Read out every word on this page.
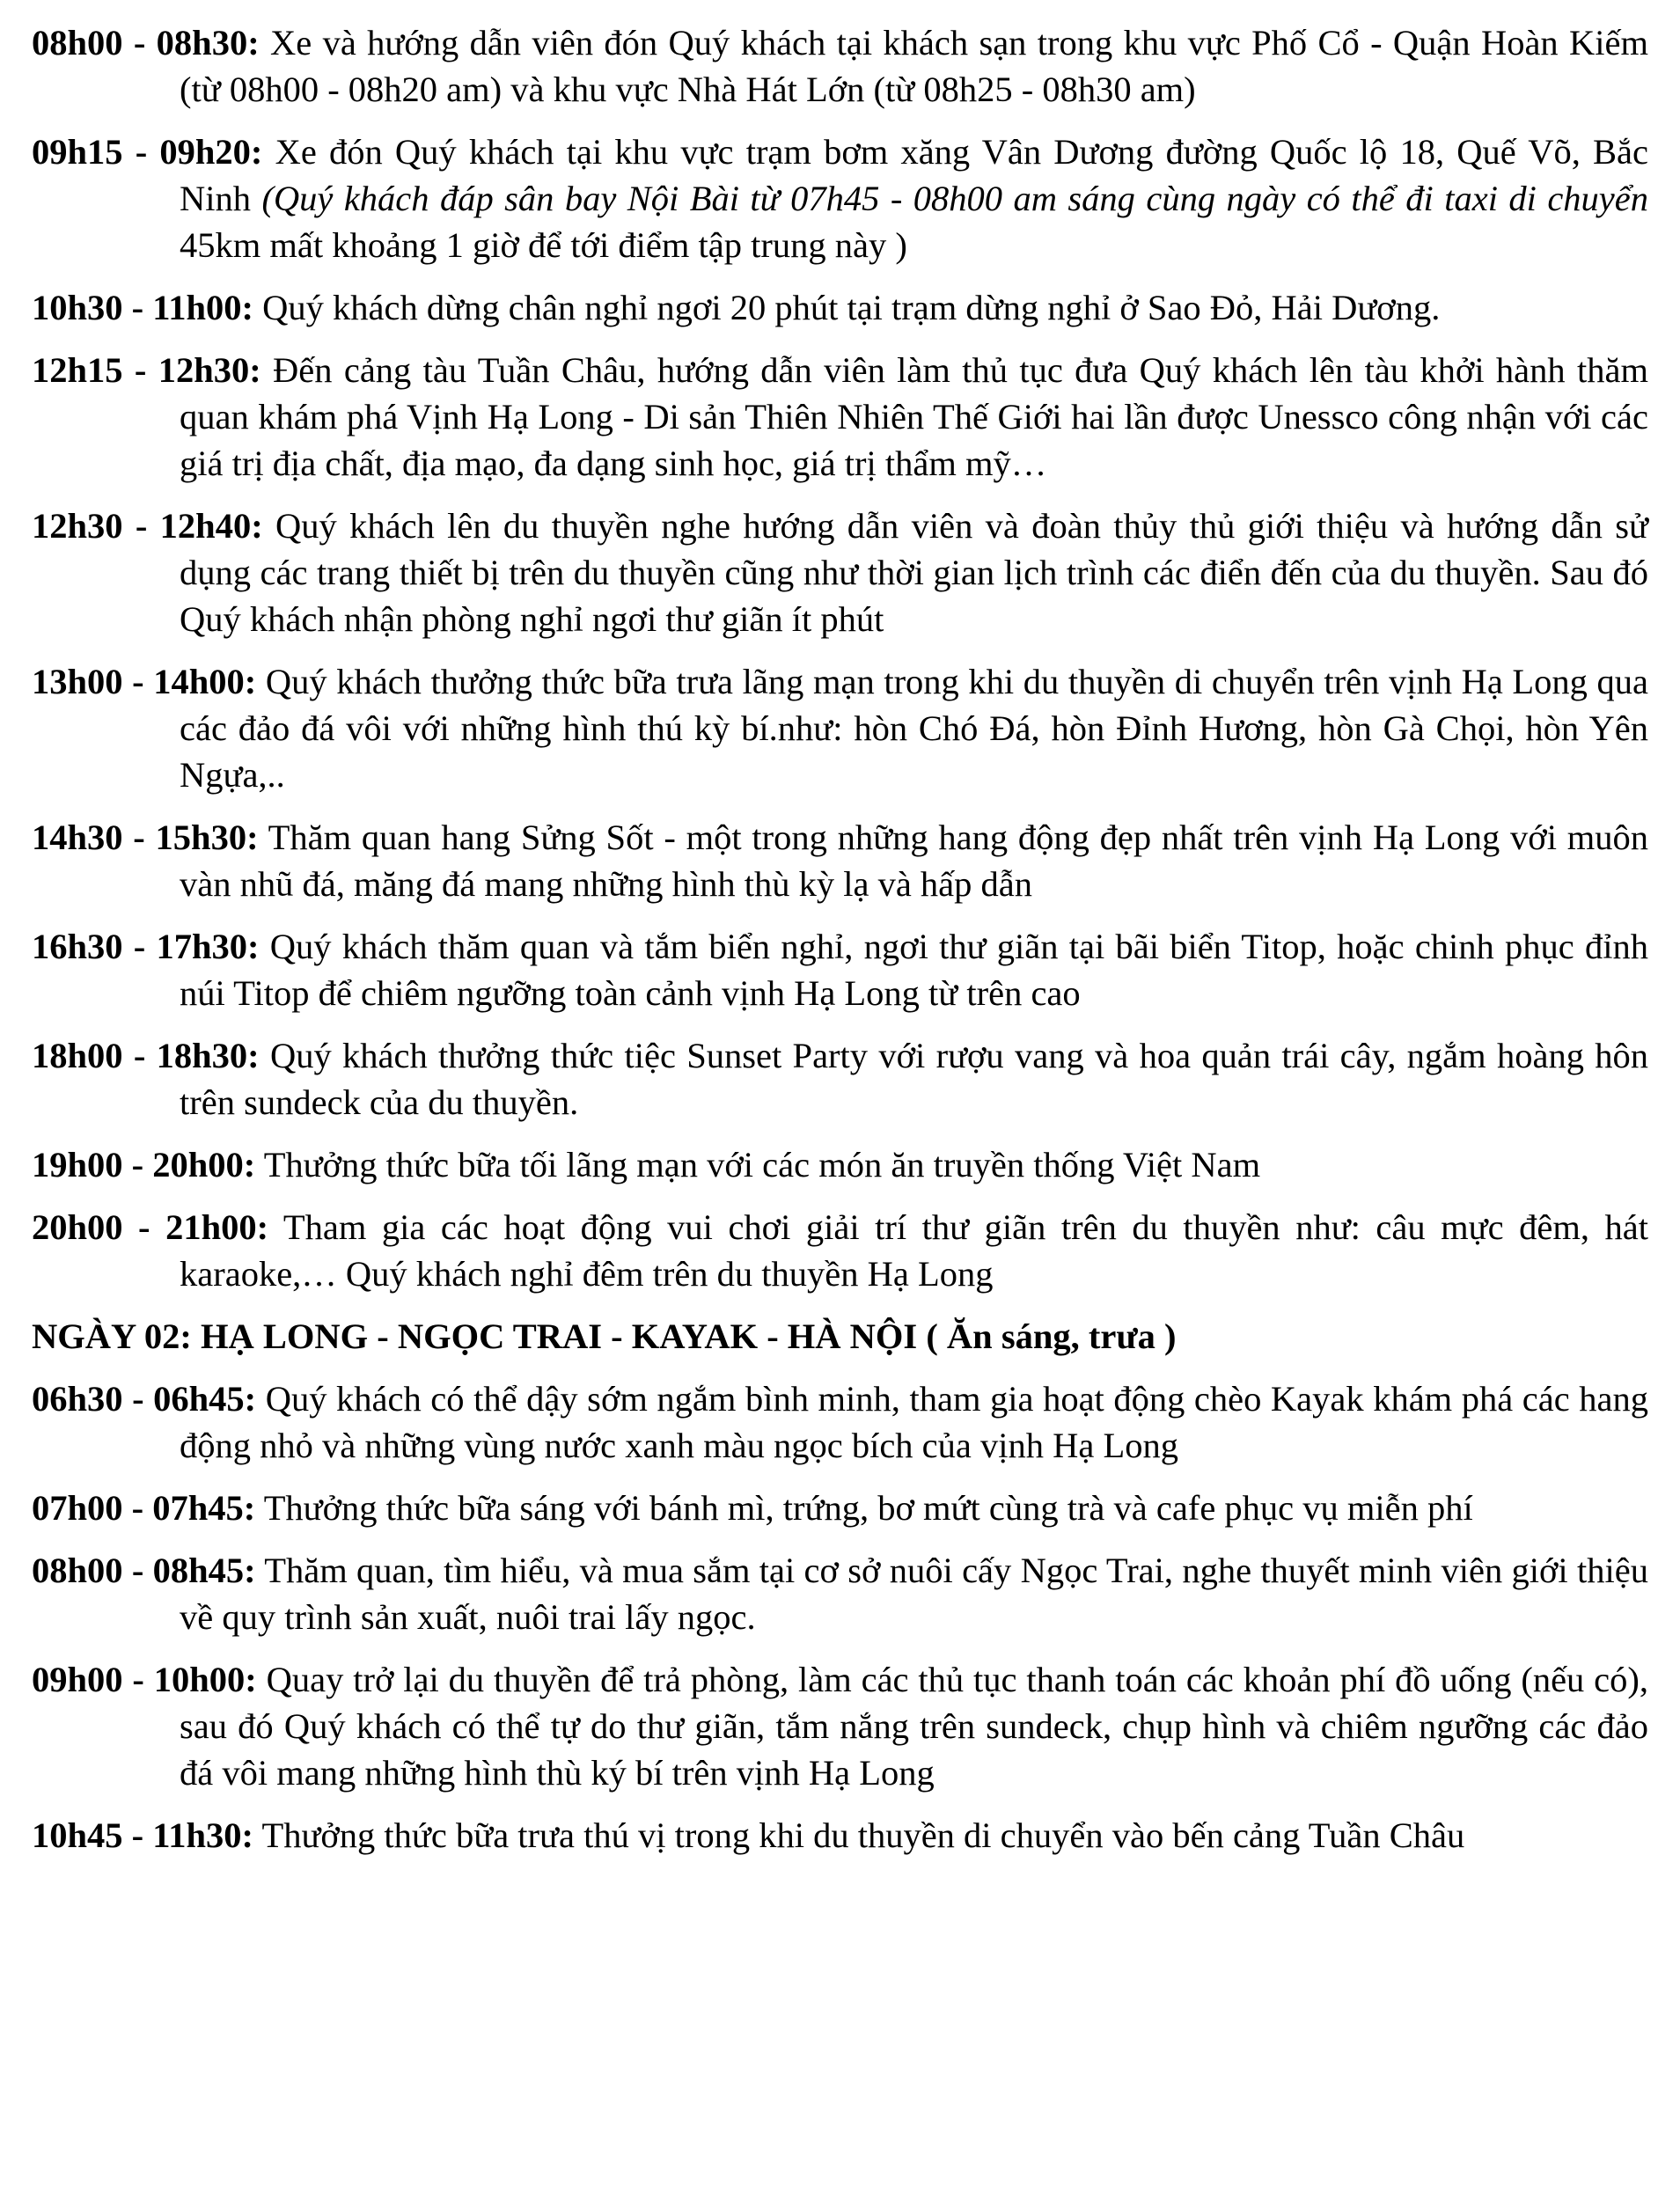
08h00 - 08h30: Xe và hướng dẫn viên đón Quý khách tại khách sạn trong khu vực Phố Cổ - Quận Hoàn Kiếm (từ 08h00 - 08h20 am) và khu vực Nhà Hát Lớn (từ 08h25 - 08h30 am)

09h15 - 09h20: Xe đón Quý khách tại khu vực trạm bơm xăng Vân Dương đường Quốc lộ 18, Quế Võ, Bắc Ninh (Quý khách đáp sân bay Nội Bài từ 07h45 - 08h00 am sáng cùng ngày có thể đi taxi di chuyển 45km mất khoảng 1 giờ để tới điểm tập trung này )

10h30 - 11h00: Quý khách dừng chân nghỉ ngơi 20 phút tại trạm dừng nghỉ ở Sao Đỏ, Hải Dương.

12h15 - 12h30: Đến cảng tàu Tuần Châu, hướng dẫn viên làm thủ tục đưa Quý khách lên tàu khởi hành thăm quan khám phá Vịnh Hạ Long - Di sản Thiên Nhiên Thế Giới hai lần được Unessco công nhận với các giá trị địa chất, địa mạo, đa dạng sinh học, giá trị thẩm mỹ…

12h30 - 12h40: Quý khách lên du thuyền nghe hướng dẫn viên và đoàn thủy thủ giới thiệu và hướng dẫn sử dụng các trang thiết bị trên du thuyền cũng như thời gian lịch trình các điển đến của du thuyền. Sau đó Quý khách nhận phòng nghỉ ngơi thư giãn ít phút

13h00 - 14h00: Quý khách thưởng thức bữa trưa lãng mạn trong khi du thuyền di chuyển trên vịnh Hạ Long qua các đảo đá vôi với những hình thú kỳ bí.như: hòn Chó Đá, hòn Đỉnh Hương, hòn Gà Chọi, hòn Yên Ngựa,..

14h30 - 15h30: Thăm quan hang Sửng Sốt - một trong những hang động đẹp nhất trên vịnh Hạ Long với muôn vàn nhũ đá, măng đá mang những hình thù kỳ lạ và hấp dẫn

16h30 - 17h30: Quý khách thăm quan và tắm biển nghỉ, ngơi thư giãn tại bãi biển Titop, hoặc chinh phục đỉnh núi Titop để chiêm ngưỡng toàn cảnh vịnh Hạ Long từ trên cao

18h00 - 18h30: Quý khách thưởng thức tiệc Sunset Party với rượu vang và hoa quản trái cây, ngắm hoàng hôn trên sundeck của du thuyền.

19h00 - 20h00: Thưởng thức bữa tối lãng mạn với các món ăn truyền thống Việt Nam

20h00 - 21h00: Tham gia các hoạt động vui chơi giải trí thư giãn trên du thuyền như: câu mực đêm, hát karaoke,… Quý khách nghỉ đêm trên du thuyền Hạ Long

NGÀY 02: HẠ LONG - NGỌC TRAI - KAYAK - HÀ NỘI ( Ăn sáng, trưa )

06h30 - 06h45: Quý khách có thể dậy sớm ngắm bình minh, tham gia hoạt động chèo Kayak khám phá các hang động nhỏ và những vùng nước xanh màu ngọc bích của vịnh Hạ Long

07h00 - 07h45: Thưởng thức bữa sáng với bánh mì, trứng, bơ mứt cùng trà và cafe phục vụ miễn phí

08h00 - 08h45: Thăm quan, tìm hiểu, và mua sắm tại cơ sở nuôi cấy Ngọc Trai, nghe thuyết minh viên giới thiệu về quy trình sản xuất, nuôi trai lấy ngọc.

09h00 - 10h00: Quay trở lại du thuyền để trả phòng, làm các thủ tục thanh toán các khoản phí đồ uống (nếu có), sau đó Quý khách có thể tự do thư giãn, tắm nắng trên sundeck, chụp hình và chiêm ngưỡng các đảo đá vôi mang những hình thù ký bí trên vịnh Hạ Long

10h45 - 11h30: Thưởng thức bữa trưa thú vị trong khi du thuyền di chuyển vào bến cảng Tuần Châu
